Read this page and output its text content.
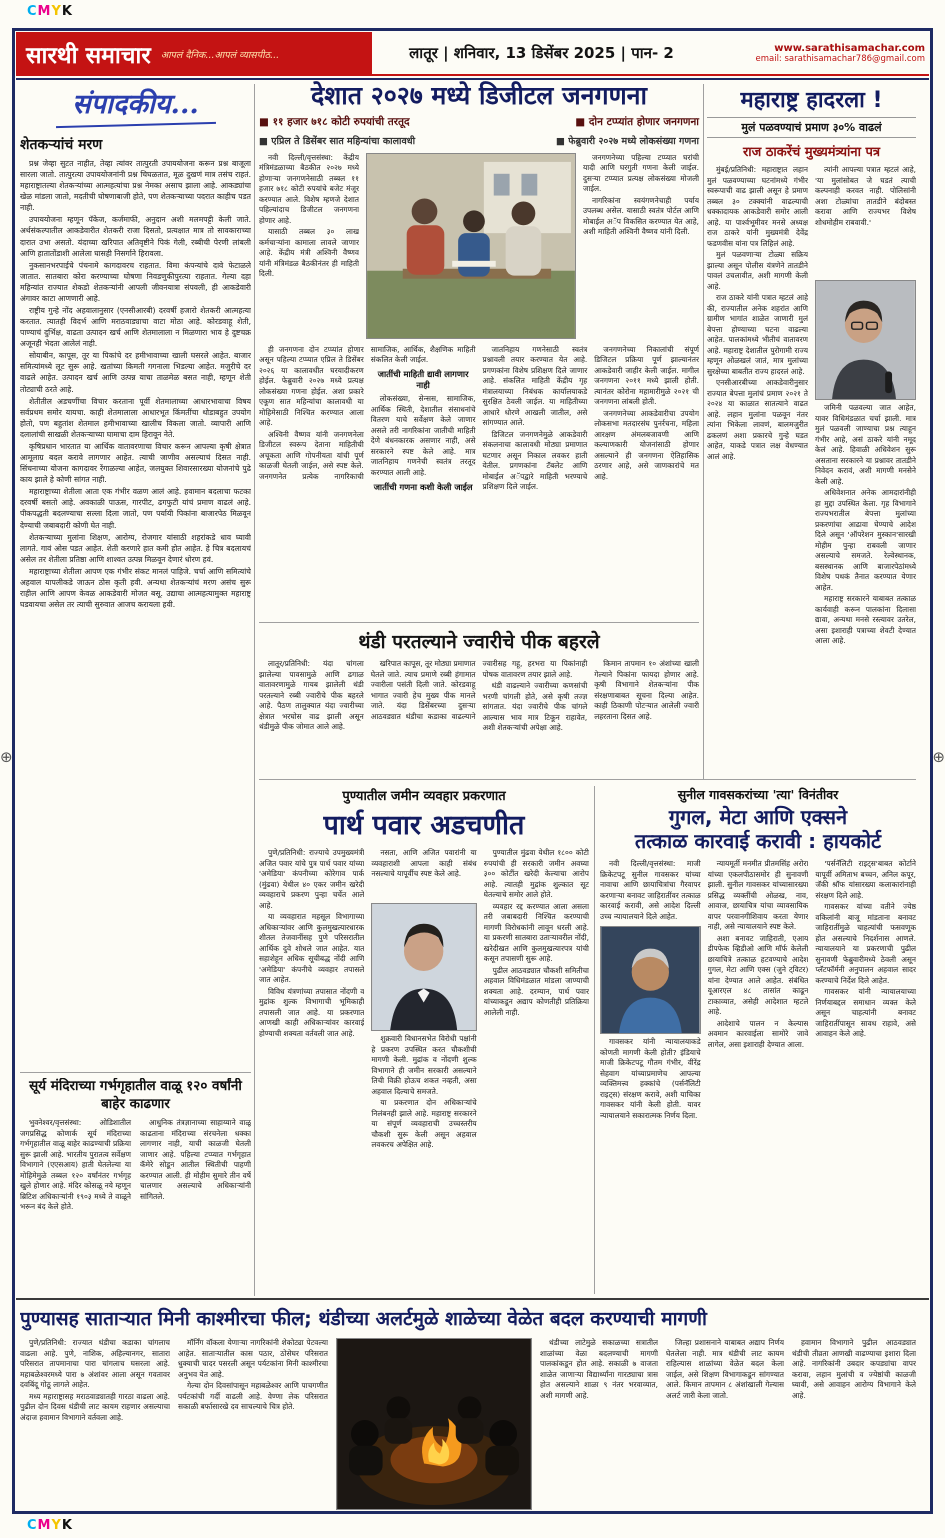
CMYK
⊕	⊕
सारथी समाचार आपलं दैनिक...आपलं व्यासपीठ...	लातूर | शनिवार, 13 डिसेंबर 2025 | पान- 2	www.sarathisamachar.com
email: sarathisamachar786@gmail.com
संपादकीय...
शेतकऱ्यांचं मरण

प्रश्न जेव्हा सुटत नाहीत, तेव्हा त्यांवर तात्पुरती उपाययोजना करून प्रश्न बाजूला सारला जातो. तात्पुरत्या उपाययोजनांनी प्रश्न चिघळतात, मूळ दुखणं मात्र तसंच राहतं. महाराष्ट्रातल्या शेतकऱ्यांच्या आत्महत्यांचा प्रश्न नेमका असाच झाला आहे. आकड्यांचा खेळ मांडला जातो, मदतीची घोषणाबाजी होते, पण शेतकऱ्याच्या पदरात काहीच पडत नाही.

उपाययोजना म्हणून पॅकेज, कर्जमाफी, अनुदान अशी मलमपट्टी केली जाते. अर्थसंकल्पातील आकडेवारीत शेतकरी राजा दिसतो, प्रत्यक्षात मात्र तो सावकाराच्या दारात उभा असतो. यंदाच्या खरिपात अतिवृष्टीने पिकं गेली, रब्बीची पेरणी लांबली आणि हातातोंडाशी आलेला घासही निसर्गाने हिरावला.

नुकसानभरपाईचे पंचनामे कागदावरच राहतात. विमा कंपन्यांचे दावे फेटाळले जातात. सातबारा कोरा करण्याच्या घोषणा निवडणुकीपुरत्या राहतात. गेल्या दहा महिन्यांत राज्यात शेकडो शेतकऱ्यांनी आपली जीवनयात्रा संपवली, ही आकडेवारी अंगावर काटा आणणारी आहे.

राष्ट्रीय गुन्हे नोंद अहवालानुसार (एनसीआरबी) दरवर्षी हजारो शेतकरी आत्महत्या करतात. त्यातही विदर्भ आणि मराठवाड्याचा वाटा मोठा आहे. कोरडवाहू शेती, पाण्याचं दुर्भिक्ष, वाढता उत्पादन खर्च आणि शेतमालाला न मिळणारा भाव हे दुष्टचक्र अजूनही भेदता आलेलं नाही.

सोयाबीन, कापूस, तूर या पिकांचे दर हमीभावाच्या खाली घसरले आहेत. बाजार समित्यांमध्ये लूट सुरू आहे. खतांच्या किमती गगनाला भिडल्या आहेत. मजुरीचे दर वाढले आहेत. उत्पादन खर्च आणि उत्पन्न याचा ताळमेळ बसत नाही, म्हणून शेती तोट्याची ठरते आहे.

शेतीतील अडचणींचा विचार करताना पूर्वी शेतमालाच्या आधारभावाचा विषय सर्वप्रथम समोर यायचा. काही शेतमालाला आधारभूत किंमतींचा थोडाबहुत उपयोग होतो, पण बहुतांश शेतमाल हमीभावाच्या खालीच विकला जातो. व्यापारी आणि दलालांची साखळी शेतकऱ्याच्या घामाचा दाम हिरावून नेते.

कृषिप्रधान भारतात या आर्थिक वातावरणाचा विचार करून आपल्या कृषी क्षेत्रात आमूलाग्र बदल करावे लागणार आहेत. त्याची जाणीव असल्याचं दिसत नाही. सिंचनाच्या योजना कागदावर रेंगाळल्या आहेत, जलयुक्त शिवारसारख्या योजनांचे पुढे काय झाले हे कोणी सांगत नाही.

महाराष्ट्राच्या शेतीला आता एक गंभीर वळण आलं आहे. हवामान बदलाचा फटका दरवर्षी बसतो आहे. अवकाळी पाऊस, गारपीट, ढगफुटी यांचं प्रमाण वाढलं आहे. पीकपद्धती बदलण्याचा सल्ला दिला जातो, पण पर्यायी पिकांना बाजारपेठ मिळवून देण्याची जबाबदारी कोणी घेत नाही.

शेतकऱ्याच्या मुलांना शिक्षण, आरोग्य, रोजगार यांसाठी शहरांकडे धाव घ्यावी लागते. गावं ओस पडत आहेत. शेती करणारे हात कमी होत आहेत. हे चित्र बदलायचं असेल तर शेतीला प्रतिष्ठा आणि शाश्वत उत्पन्न मिळवून देणारं धोरण हवं.

महाराष्ट्राच्या शेतीला आपण एक गंभीर संकट मानलं पाहिजे. चर्चा आणि समित्यांचे अहवाल यापलीकडे जाऊन ठोस कृती हवी. अन्यथा शेतकऱ्यांचं मरण असंच सुरू राहील आणि आपण केवळ आकडेवारी मोजत बसू. उद्याचा आत्महत्यामुक्त महाराष्ट्र घडवायचा असेल तर त्याची सुरुवात आजच करायला हवी.

सूर्य मंदिराच्या गर्भगृहातील वाळू १२० वर्षांनी बाहेर काढणार

भुवनेश्वर/वृत्तसंस्था: ओडिशातील जगप्रसिद्ध कोणार्क सूर्य मंदिराच्या गर्भगृहातील वाळू बाहेर काढण्याची प्रक्रिया सुरू झाली आहे. भारतीय पुरातत्व सर्वेक्षण विभागाने (एएसआय) हाती घेतलेल्या या मोहिमेमुळे तब्बल १२० वर्षांनंतर गर्भगृह खुले होणार आहे. मंदिर कोसळू नये म्हणून ब्रिटिश अधिकाऱ्यांनी १९०३ मध्ये ते वाळूने भरून बंद केले होते.

आधुनिक तंत्रज्ञानाच्या साहाय्याने वाळू काढताना मंदिराच्या संरचनेला धक्का लागणार नाही, याची काळजी घेतली जाणार आहे. पहिल्या टप्प्यात गर्भगृहात कॅमेरे सोडून आतील स्थितीची पाहणी करण्यात आली. ही मोहीम सुमारे तीन वर्षे चालणार असल्याचे अधिकाऱ्यांनी सांगितले.

देशात २०२७ मध्ये डिजीटल जनगणना
■ ११ हजार ७१८ कोटी रुपयांची तरतूद	■ दोन टप्प्यांत होणार जनगणना
■ एप्रिल ते डिसेंबर सात महिन्यांचा कालावधी	■ फेब्रुवारी २०२७ मध्ये लोकसंख्या गणना

नवी दिल्ली/वृत्तसंस्था: केंद्रीय मंत्रिमंडळाच्या बैठकीत २०२७ मध्ये होणाऱ्या जनगणनेसाठी तब्बल ११ हजार ७१८ कोटी रुपयांचे बजेट मंजूर करण्यात आले. विशेष म्हणजे देशात पहिल्यांदाच डिजीटल जनगणना होणार आहे.

यासाठी तब्बल ३० लाख कर्मचाऱ्यांना कामाला लावले जाणार आहे. केंद्रीय मंत्री अश्विनी वैष्णव यांनी मंत्रिमंडळ बैठकीनंतर ही माहिती दिली.

जनगणनेच्या पहिल्या टप्प्यात घरांची यादी आणि घरगुती गणना केली जाईल. दुसऱ्या टप्प्यात प्रत्यक्ष लोकसंख्या मोजली जाईल.

नागरिकांना स्वयंगणनेचाही पर्याय उपलब्ध असेल. यासाठी स्वतंत्र पोर्टल आणि मोबाईल अॅप विकसित करण्यात येत आहे, अशी माहिती अश्विनी वैष्णव यांनी दिली.

ही जनगणना दोन टप्प्यांत होणार असून पहिल्या टप्प्यात एप्रिल ते डिसेंबर २०२६ या कालावधीत घरयादीकरण होईल. फेब्रुवारी २०२७ मध्ये प्रत्यक्ष लोकसंख्या गणना होईल. अशा प्रकारे एकूण सात महिन्यांचा कालावधी या मोहिमेसाठी निश्चित करण्यात आला आहे.

अश्विनी वैष्णव यांनी जनगणनेला डिजीटल स्वरूप देताना माहितीची अचूकता आणि गोपनीयता यांची पूर्ण काळजी घेतली जाईल, असे स्पष्ट केले. जनगणनेत प्रत्येक नागरिकाची सामाजिक, आर्थिक, शैक्षणिक माहिती संकलित केली जाईल.

जातींची माहिती द्यावी लागणार नाही

लोकसंख्या, सेन्सस, सामाजिक, आर्थिक स्थिती, देशातील संसाधनांचे वितरण याचे सर्वेक्षण केले जाणार असले तरी नागरिकांना जातीची माहिती देणे बंधनकारक असणार नाही, असे सरकारने स्पष्ट केले आहे. मात्र जातनिहाय गणनेची स्वतंत्र तरतूद करण्यात आली आहे.

जातींची गणना कशी केली जाईल

जातनिहाय गणनेसाठी स्वतंत्र प्रश्नावली तयार करण्यात येत आहे. प्रगणकांना विशेष प्रशिक्षण दिले जाणार आहे. संकलित माहिती केंद्रीय गृह मंत्रालयाच्या निबंधक कार्यालयाकडे सुरक्षित ठेवली जाईल. या माहितीच्या आधारे धोरणे आखली जातील, असे सांगण्यात आले.

डिजिटल जनगणनेमुळे आकडेवारी संकलनाचा कालावधी मोठ्या प्रमाणात घटणार असून निकाल लवकर हाती येतील. प्रगणकांना टॅबलेट आणि मोबाईल अॅपद्वारे माहिती भरण्याचे प्रशिक्षण दिले जाईल.

जनगणनेच्या निकालांची संपूर्ण डिजिटल प्रक्रिया पूर्ण झाल्यानंतर आकडेवारी जाहीर केली जाईल. मागील जनगणना २०११ मध्ये झाली होती. त्यानंतर कोरोना महामारीमुळे २०२१ ची जनगणना लांबली होती.

जनगणनेच्या आकडेवारीचा उपयोग लोकसभा मतदारसंघ पुनर्रचना, महिला आरक्षण अंमलबजावणी आणि कल्याणकारी योजनांसाठी होणार असल्याने ही जनगणना ऐतिहासिक ठरणार आहे, असे जाणकारांचे मत आहे.

थंडी परतल्याने ज्वारीचे पीक बहरले

लातूर/प्रतिनिधी: यंदा चांगला झालेल्या पावसामुळे आणि ढगाळ वातावरणामुळे गायब झालेली थंडी परतल्याने रब्बी ज्वारीचे पीक बहरले आहे. पैठण तालुक्यात यंदा ज्वारीच्या क्षेत्रात भरघोस वाढ झाली असून थंडीमुळे पीक जोमात आले आहे.

खरिपात कापूस, तूर मोठ्या प्रमाणात घेतले जाते. त्याच प्रमाणे रब्बी हंगामात ज्वारीला पसंती दिली जाते. कोरडवाहू भागात ज्वारी हेच मुख्य पीक मानले जाते. यंदा डिसेंबरच्या दुसऱ्या आठवड्यात थंडीचा कडाका वाढल्याने ज्वारीसह गहू, हरभरा या पिकांनाही पोषक वातावरण तयार झाले आहे.

थंडी वाढल्याने ज्वारीच्या कणसांची भरणी चांगली होते, असे कृषी तज्ज्ञ सांगतात. यंदा ज्वारीचे पीक चांगले आल्यास भाव मात्र टिकून राहावेत, अशी शेतकऱ्यांची अपेक्षा आहे.

किमान तापमान १० अंशांच्या खाली गेल्याने पिकांना फायदा होणार आहे. कृषी विभागाने शेतकऱ्यांना पीक संरक्षणाबाबत सूचना दिल्या आहेत. काही ठिकाणी पोटऱ्यात आलेली ज्वारी लहरताना दिसत आहे.

पुण्यातील जमीन व्यवहार प्रकरणात
पार्थ पवार अडचणीत

पुणे/प्रतिनिधी: राज्याचे उपमुख्यमंत्री अजित पवार यांचे पुत्र पार्थ पवार यांच्या 'अमेडिया' कंपनीच्या कोरेगाव पार्क (मुंढवा) येथील ४० एकर जमीन खरेदी व्यवहाराचे प्रकरण पुन्हा चर्चेत आले आहे.

या व्यवहारात महसूल विभागाच्या अधिकाऱ्यांवर आणि कुलमुखत्यारधारक शीतल तेजवानींसह पुणे परिसरातील आर्थिक दुवे शोधले जात आहेत. यात सहाशेहून अधिक सूचीबद्ध नोंदी आणि 'अमेडिया' कंपनीचे व्यवहार तपासले जात आहेत.

विविध यंत्रणांच्या तपासात नोंदणी व मुद्रांक शुल्क विभागाची भूमिकाही तपासली जात आहे. या प्रकरणात आणखी काही अधिकाऱ्यांवर कारवाई होण्याची शक्यता वर्तवली जात आहे.

नसता, आणि अजित पवारांनी या व्यवहाराशी आपला काही संबंध नसल्याचे यापूर्वीच स्पष्ट केले आहे.

शुक्रवारी विधानसभेत विरोधी पक्षांनी हे प्रकरण उपस्थित करत चौकशीची मागणी केली. मुद्रांक व नोंदणी शुल्क विभागाने ही जमीन सरकारी असल्याने तिची विक्री होऊच शकत नव्हती, असा अहवाल दिल्याचे समजते.

या प्रकरणात दोन अधिकाऱ्यांचे निलंबनही झाले आहे. महाराष्ट्र सरकारने या संपूर्ण व्यवहाराची उच्चस्तरीय चौकशी सुरू केली असून अहवाल लवकरच अपेक्षित आहे.

पुण्यातील मुंढवा येथील १८०० कोटी रुपयांची ही सरकारी जमीन अवघ्या ३०० कोटींत खरेदी केल्याचा आरोप आहे. त्यातही मुद्रांक शुल्कात सूट घेतल्याचे समोर आले होते.

व्यवहार रद्द करण्यात आला असला तरी जबाबदारी निश्चित करण्याची मागणी विरोधकांनी लावून धरली आहे. या प्रकरणी सातबारा उताऱ्यावरील नोंदी, खरेदीखत आणि कुलमुखत्यारपत्र यांची कसून तपासणी सुरू आहे.

पुढील आठवड्यात चौकशी समितीचा अहवाल विधिमंडळात मांडला जाण्याची शक्यता आहे. दरम्यान, पार्थ पवार यांच्याकडून अद्याप कोणतीही प्रतिक्रिया आलेली नाही.

सुनील गावसकरांच्या 'त्या' विनंतीवर
गुगल, मेटा आणि एक्सने
तत्काळ कारवाई करावी : हायकोर्ट

नवी दिल्ली/वृत्तसंस्था: माजी क्रिकेटपटू सुनील गावसकर यांच्या नावाचा आणि छायाचित्रांचा गैरवापर करणाऱ्या बनावट जाहिरातींवर तत्काळ कारवाई करावी, असे आदेश दिल्ली उच्च न्यायालयाने दिले आहेत.

गावसकर यांनी न्यायालयाकडे कोणती मागणी केली होती? इंडियाचे माजी क्रिकेटपटू गौतम गंभीर, वीरेंद्र सेहवाग यांच्याप्रमाणेच आपल्या व्यक्तिमत्त्व हक्कांचे (पर्सनॅलिटी राइट्स) संरक्षण करावे, अशी याचिका गावसकर यांनी केली होती. यावर न्यायालयाने सकारात्मक निर्णय दिला.

न्यायमूर्ती मनमीत प्रीतमसिंह अरोरा यांच्या एकलपीठासमोर ही सुनावणी झाली. सुनील गावसकर यांच्यासारख्या प्रसिद्ध व्यक्तींची ओळख, नाव, आवाज, छायाचित्र यांचा व्यावसायिक वापर परवानगीशिवाय करता येणार नाही, असे न्यायालयाने स्पष्ट केले.

अशा बनावट जाहिराती, एआय डीपफेक व्हिडीओ आणि मॉर्फ केलेली छायाचित्रे तत्काळ हटवण्याचे आदेश गुगल, मेटा आणि एक्स (जुने ट्विटर) यांना देण्यात आले आहेत. संबंधित यूआरएल ४८ तासांत काढून टाकाव्यात, असेही आदेशात म्हटले आहे.

आदेशाचे पालन न केल्यास अवमान कारवाईला सामोरे जावे लागेल, असा इशाराही देण्यात आला.

'पर्सनॅलिटी राइट्स'बाबत कोर्टाने यापूर्वी अमिताभ बच्चन, अनिल कपूर, जॅकी श्रॉफ यांसारख्या कलाकारांनाही संरक्षण दिले आहे.

गावसकर यांच्या वतीने ज्येष्ठ वकिलांनी बाजू मांडताना बनावट जाहिरातींमुळे चाहत्यांची फसवणूक होत असल्याचे निदर्शनास आणले. न्यायालयाने या प्रकरणाची पुढील सुनावणी फेब्रुवारीमध्ये ठेवली असून प्लॅटफॉर्मनी अनुपालन अहवाल सादर करण्याचे निर्देश दिले आहेत.

गावसकर यांनी न्यायालयाच्या निर्णयाबद्दल समाधान व्यक्त केले असून चाहत्यांनी बनावट जाहिरातींपासून सावध राहावे, असे आवाहन केले आहे.

महाराष्ट्र हादरला !
मुलं पळवण्याचं प्रमाण ३०% वाढलं
राज ठाकरेंचं मुख्यमंत्र्यांना पत्र

मुंबई/प्रतिनिधी: महाराष्ट्रात लहान मुलं पळवण्याच्या घटनांमध्ये गंभीर स्वरूपाची वाढ झाली असून हे प्रमाण तब्बल ३० टक्क्यांनी वाढल्याची धक्कादायक आकडेवारी समोर आली आहे. या पार्श्वभूमीवर मनसे अध्यक्ष राज ठाकरे यांनी मुख्यमंत्री देवेंद्र फडणवीस यांना पत्र लिहिलं आहे.

मुलं पळवणाऱ्या टोळ्या सक्रिय झाल्या असून पोलीस यंत्रणेने तातडीने पावलं उचलावीत, अशी मागणी केली आहे.

राज ठाकरे यांनी पत्रात म्हटलं आहे की, राज्यातील अनेक शहरांत आणि ग्रामीण भागांत शाळेत जाणारी मुलं बेपत्ता होण्याच्या घटना वाढल्या आहेत. पालकांमध्ये भीतीचं वातावरण आहे. महाराष्ट्र देशातील पुरोगामी राज्य म्हणून ओळखलं जातं, मात्र मुलांच्या सुरक्षेच्या बाबतीत राज्य हादरलं आहे.

एनसीआरबीच्या आकडेवारीनुसार राज्यात बेपत्ता मुलांचं प्रमाण २०२१ ते २०२४ या काळात सातत्याने वाढत आहे. लहान मुलांना पळवून नंतर त्यांना भिकेला लावणं, बालमजुरीत ढकलणं अशा प्रकारचे गुन्हे घडत आहेत, याकडे पत्रात लक्ष वेधण्यात आलं आहे.

त्यांनी आपल्या पत्रात म्हटलं आहे, 'या मुलांसोबत जे घडतं त्याची कल्पनाही करवत नाही. पोलिसांनी अशा टोळ्यांचा तातडीने बंदोबस्त करावा आणि राज्यभर विशेष शोधमोहीम राबवावी.'

जमिनी पळवल्या जात आहेत, यावर विधिमंडळात चर्चा झाली. मात्र मुलं पळवली जाण्याचा प्रश्न त्याहून गंभीर आहे, असं ठाकरे यांनी नमूद केलं आहे. हिवाळी अधिवेशन सुरू असताना सरकारने या प्रश्नावर तातडीने निवेदन करावं, अशी मागणी मनसेने केली आहे.

अधिवेशनात अनेक आमदारांनीही हा मुद्दा उपस्थित केला. गृह विभागाने राज्यभरातील बेपत्ता मुलांच्या प्रकरणांचा आढावा घेण्याचे आदेश दिले असून 'ऑपरेशन मुस्कान'सारखी मोहीम पुन्हा राबवली जाणार असल्याचे समजते. रेल्वेस्थानक, बसस्थानक आणि बाजारपेठांमध्ये विशेष पथकं तैनात करण्यात येणार आहेत.

महाराष्ट्र सरकारने याबाबत तत्काळ कार्यवाही करून पालकांना दिलासा द्यावा, अन्यथा मनसे रस्त्यावर उतरेल, असा इशाराही पत्राच्या शेवटी देण्यात आला आहे.

पुण्यासह साताऱ्यात मिनी काश्मीरचा फील; थंडीच्या अलर्टमुळे शाळेच्या वेळेत बदल करण्याची मागणी

पुणे/प्रतिनिधी: राज्यात थंडीचा कडाका चांगलाच वाढला आहे. पुणे, नाशिक, अहिल्यानगर, सातारा परिसरात तापमानाचा पारा चांगलाच घसरला आहे. महाबळेश्वरमध्ये पारा ७ अंशांवर आला असून गवतावर दवबिंदू गोठू लागले आहेत.

मध्य महाराष्ट्रासह मराठवाड्यातही गारठा वाढला आहे. पुढील दोन दिवस थंडीची लाट कायम राहणार असल्याचा अंदाज हवामान विभागाने वर्तवला आहे.

मॉर्निंग वॉकला येणाऱ्या नागरिकांनी शेकोट्या पेटवल्या आहेत. साताऱ्यातील कास पठार, ठोसेघर परिसरात धुक्याची चादर पसरली असून पर्यटकांना मिनी काश्मीरचा अनुभव येत आहे.

गेल्या दोन दिवसांपासून महाबळेश्वर आणि पाचगणीत पर्यटकांची गर्दी वाढली आहे. वेण्णा लेक परिसरात सकाळी बर्फासारखे दव साचल्याचे चित्र होते.

थंडीच्या लाटेमुळे सकाळच्या सत्रातील शाळांच्या वेळा बदलण्याची मागणी पालकांकडून होत आहे. सकाळी ७ वाजता शाळेत जाणाऱ्या विद्यार्थ्यांना गारठ्याचा त्रास होत असल्याने शाळा ९ नंतर भरवाव्यात, अशी मागणी आहे.

जिल्हा प्रशासनाने याबाबत अद्याप निर्णय घेतलेला नाही. मात्र थंडीची लाट कायम राहिल्यास शाळांच्या वेळेत बदल केला जाईल, असे शिक्षण विभागाकडून सांगण्यात आले. किमान तापमान ८ अंशांखाली गेल्यास अलर्ट जारी केला जातो.

हवामान विभागाने पुढील आठवड्यात थंडीची तीव्रता आणखी वाढण्याचा इशारा दिला आहे. नागरिकांनी उबदार कपड्यांचा वापर करावा, लहान मुलांची व ज्येष्ठांची काळजी घ्यावी, असे आवाहन आरोग्य विभागाने केले आहे.

CMYK
